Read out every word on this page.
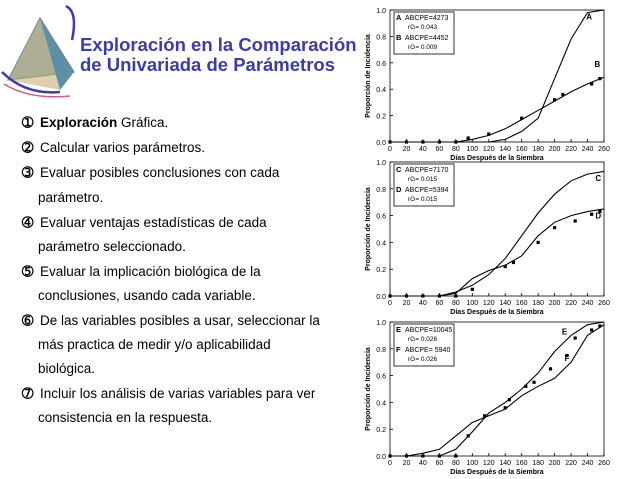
Exploración en la Comparación
de Univariada de Parámetros
➀ Exploración Gráfica.
➁ Calcular varios parámetros.
➂ Evaluar posibles conclusiones con cada
parámetro.
➃ Evaluar ventajas estadísticas de cada
parámetro seleccionado.
➄ Evaluar la implicación biológica de la
conclusiones, usando cada variable.
➅ De las variables posibles a usar, seleccionar la
más practica de medir y/o aplicabilidad
biológica.
➆ Incluir los análisis de varias variables para ver
consistencia en la respuesta.
0.0
0.2
0.4
0.6
0.8
1.0
0 20 40 60 80 100 120 140 160 180 200 220 240 260
Días Después de la Siembra
Proporción de Incidencia
A
B
A ABCPE=4273
rG= 0.043
B ABCPE=4452
rG= 0.009
0.0
0.2
0.4
0.6
0.8
1.0
0 20 40 60 80 100 120 140 160 180 200 220 240 260
Días Después de la Siembra
Proporción de Incidencia
C
D
C ABCPE=7170
rG= 0.015
D ABCPE=5394
rG= 0.015
0.0
0.2
0.4
0.6
0.8
1.0
0 20 40 60 80 100 120 140 160 180 200 220 240 260
Días Después de la Siembra
Proporción de Incidencia
E
F
E ABCPE=10045
rG= 0.026
F ABCPE= 5940
rG= 0.026
